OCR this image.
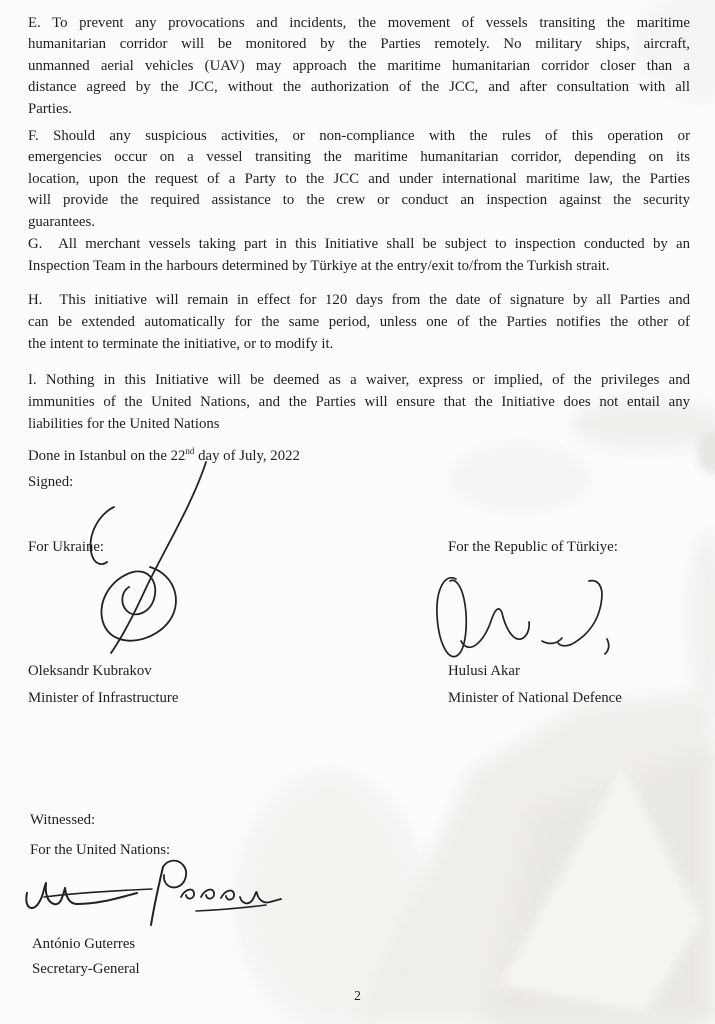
E. To prevent any provocations and incidents, the movement of vessels transiting the maritime
humanitarian corridor will be monitored by the Parties remotely. No military ships, aircraft,
unmanned aerial vehicles (UAV) may approach the maritime humanitarian corridor closer than a
distance agreed by the JCC, without the authorization of the JCC, and after consultation with all
Parties.
F. Should any suspicious activities, or non-compliance with the rules of this operation or
emergencies occur on a vessel transiting the maritime humanitarian corridor, depending on its
location, upon the request of a Party to the JCC and under international maritime law, the Parties
will provide the required assistance to the crew or conduct an inspection against the security
guarantees.
G.  All merchant vessels taking part in this Initiative shall be subject to inspection conducted by an
Inspection Team in the harbours determined by Türkiye at the entry/exit to/from the Turkish strait.
H.  This initiative will remain in effect for 120 days from the date of signature by all Parties and
can be extended automatically for the same period, unless one of the Parties notifies the other of
the intent to terminate the initiative, or to modify it.
I. Nothing in this Initiative will be deemed as a waiver, express or implied, of the privileges and
immunities of the United Nations, and the Parties will ensure that the Initiative does not entail any
liabilities for the United Nations
Done in Istanbul on the 22nd day of July, 2022
Signed:
For Ukraine:	For the Republic of Türkiye:
Oleksandr Kubrakov
Minister of Infrastructure
Hulusi Akar
Minister of National Defence
Witnessed:
For the United Nations:
António Guterres
Secretary-General
2
